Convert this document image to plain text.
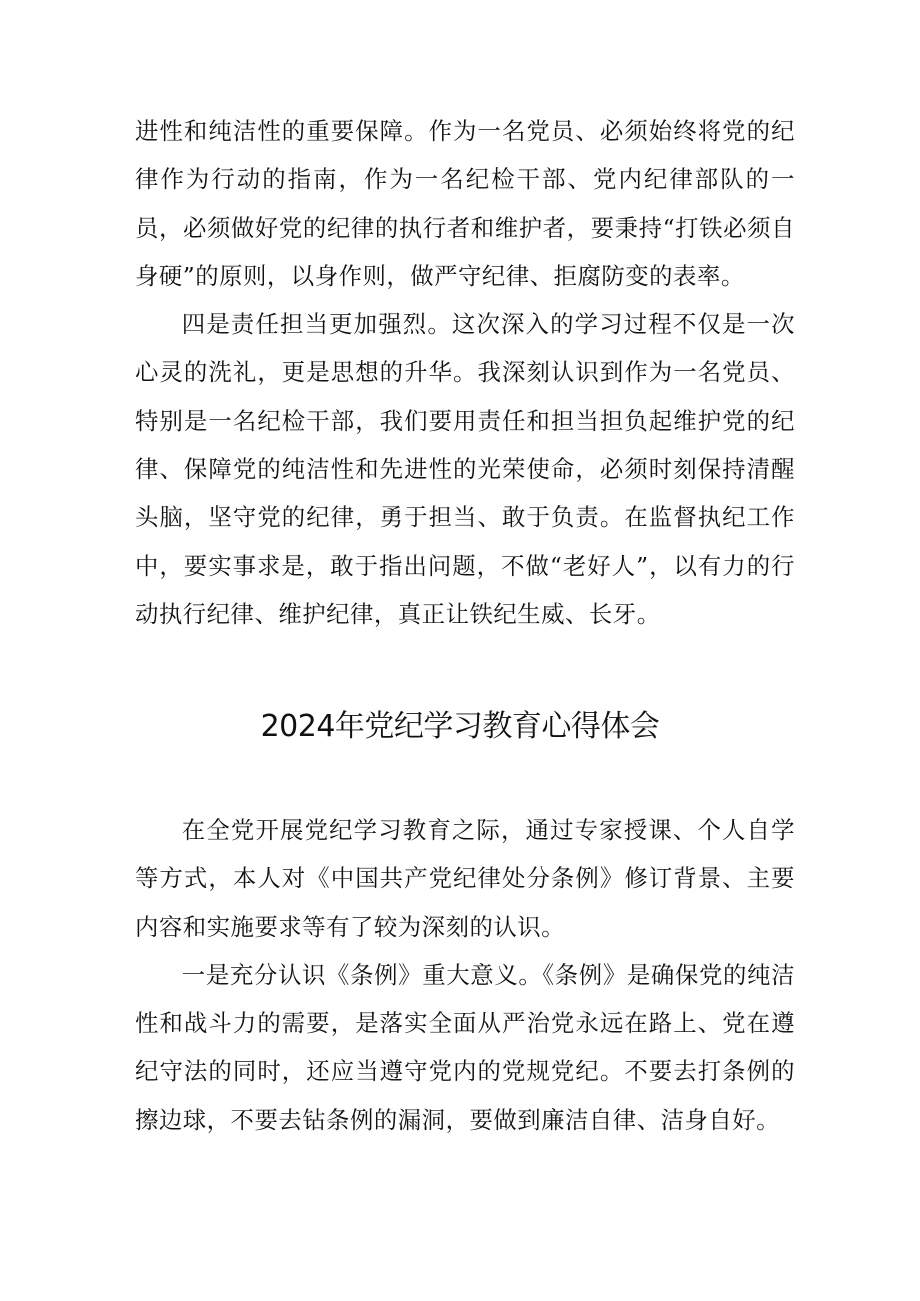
进性和纯洁性的重要保障。作为一名党员、必须始终将党的纪律作为行动的指南，作为一名纪检干部、党内纪律部队的一员，必须做好党的纪律的执行者和维护者，要秉持“打铁必须自身硬”的原则，以身作则，做严守纪律、拒腐防变的表率。

四是责任担当更加强烈。这次深入的学习过程不仅是一次心灵的洗礼，更是思想的升华。我深刻认识到作为一名党员、特别是一名纪检干部，我们要用责任和担当担负起维护党的纪律、保障党的纯洁性和先进性的光荣使命，必须时刻保持清醒头脑，坚守党的纪律，勇于担当、敢于负责。在监督执纪工作中，要实事求是，敢于指出问题，不做“老好人”，以有力的行动执行纪律、维护纪律，真正让铁纪生威、长牙。

2024年党纪学习教育心得体会

在全党开展党纪学习教育之际，通过专家授课、个人自学等方式，本人对《中国共产党纪律处分条例》修订背景、主要内容和实施要求等有了较为深刻的认识。

一是充分认识《条例》重大意义。《条例》是确保党的纯洁性和战斗力的需要，是落实全面从严治党永远在路上、党在遵纪守法的同时，还应当遵守党内的党规党纪。不要去打条例的擦边球，不要去钻条例的漏洞，要做到廉洁自律、洁身自好。
